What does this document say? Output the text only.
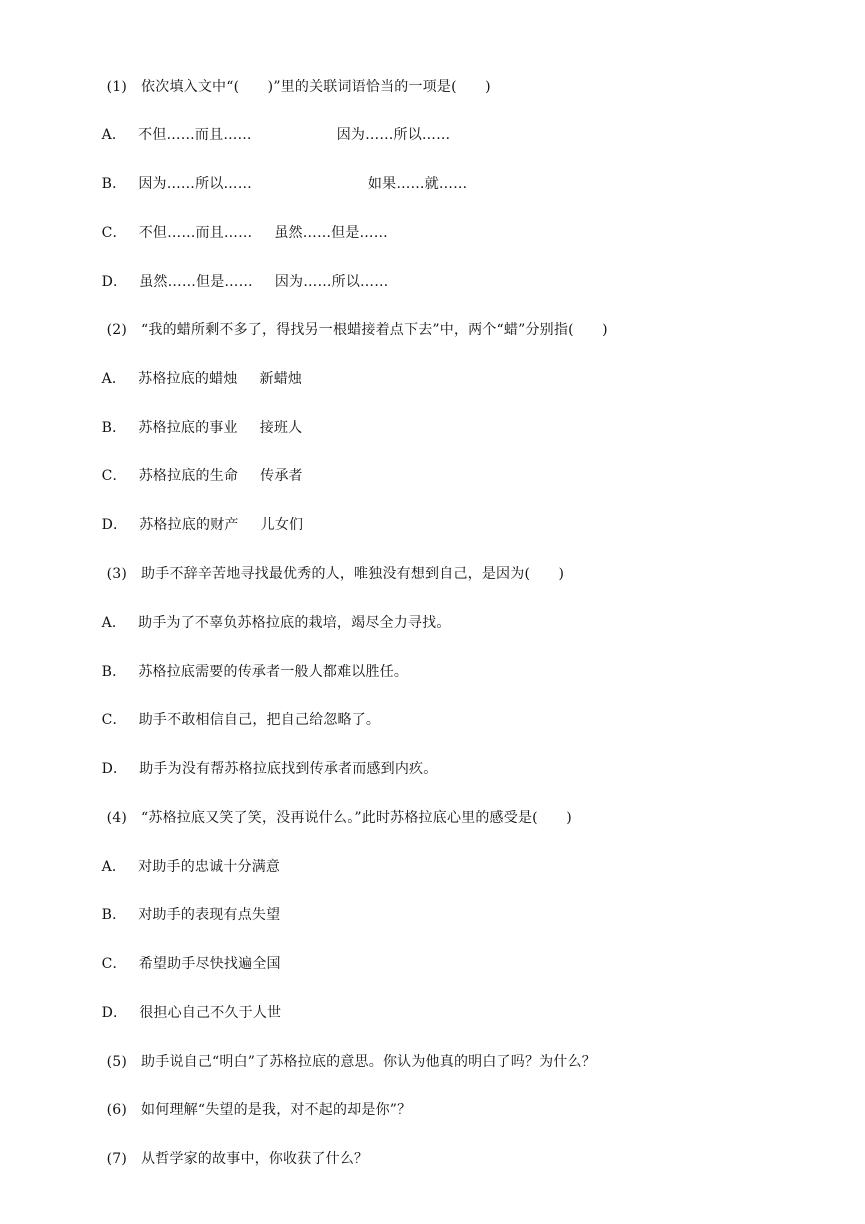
(1) 依次填入文中“(　　)”里的关联词语恰当的一项是(　　)

A． 不但……而且……	因为……所以……

B． 因为……所以……	如果……就……

C． 不但……而且…… 虽然……但是……

D． 虽然……但是…… 因为……所以……

(2) “我的蜡所剩不多了，得找另一根蜡接着点下去”中，两个“蜡”分别指(　　)

A． 苏格拉底的蜡烛 新蜡烛

B． 苏格拉底的事业 接班人

C． 苏格拉底的生命 传承者

D． 苏格拉底的财产 儿女们

(3) 助手不辞辛苦地寻找最优秀的人，唯独没有想到自己，是因为(　　)

A． 助手为了不辜负苏格拉底的栽培，竭尽全力寻找。

B． 苏格拉底需要的传承者一般人都难以胜任。

C． 助手不敢相信自己，把自己给忽略了。

D． 助手为没有帮苏格拉底找到传承者而感到内疚。

(4) “苏格拉底又笑了笑，没再说什么。”此时苏格拉底心里的感受是(　　)

A． 对助手的忠诚十分满意

B． 对助手的表现有点失望

C． 希望助手尽快找遍全国

D． 很担心自己不久于人世

(5) 助手说自己“明白”了苏格拉底的意思。你认为他真的明白了吗？为什么？

(6) 如何理解“失望的是我，对不起的却是你”？

(7) 从哲学家的故事中，你收获了什么？
